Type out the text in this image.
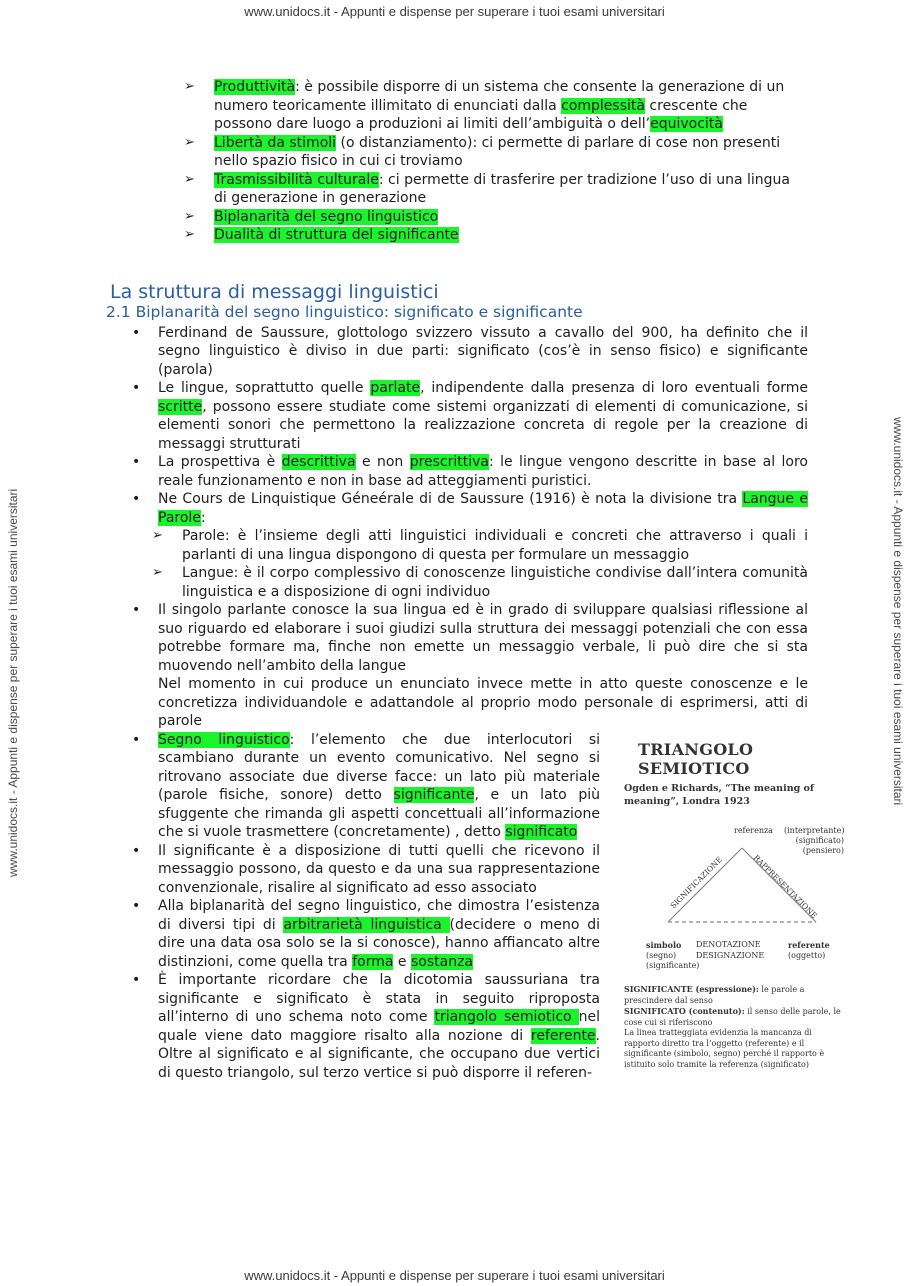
www.unidocs.it - Appunti e dispense per superare i tuoi esami universitari
www.unidocs.it - Appunti e dispense per superare i tuoi esami universitari	www.unidocs.it - Appunti e dispense per superare i tuoi esami universitari
➢ Produttività: è possibile disporre di un sistema che consente la generazione di un numero teoricamente illimitato di enunciati dalla complessità crescente che possono dare luogo a produzioni ai limiti dell’ambiguità o dell’equivocità
➢ Libertà da stimoli (o distanziamento): ci permette di parlare di cose non presenti nello spazio fisico in cui ci troviamo
➢ Trasmissibilità culturale: ci permette di trasferire per tradizione l’uso di una lingua di generazione in generazione
➢ Biplanarità del segno linguistico
➢ Dualità di struttura del significante
La struttura di messaggi linguistici
2.1 Biplanarità del segno linguistico: significato e significante
• Ferdinand de Saussure, glottologo svizzero vissuto a cavallo del 900, ha definito che il segno linguistico è diviso in due parti: significato (cos’è in senso fisico) e significante (parola)
• Le lingue, soprattutto quelle parlate, indipendente dalla presenza di loro eventuali forme scritte, possono essere studiate come sistemi organizzati di elementi di comunicazione, si elementi sonori che permettono la realizzazione concreta di regole per la creazione di messaggi strutturati
• La prospettiva è descrittiva e non prescrittiva: le lingue vengono descritte in base al loro reale funzionamento e non in base ad atteggiamenti puristici.
• Ne Cours de Linquistique Géneérale di de Saussure (1916) è nota la divisione tra Langue e Parole:
➢ Parole: è l’insieme degli atti linguistici individuali e concreti che attraverso i quali i parlanti di una lingua dispongono di questa per formulare un messaggio
➢ Langue: è il corpo complessivo di conoscenze linguistiche condivise dall’intera comunità linguistica e a disposizione di ogni individuo
• Il singolo parlante conosce la sua lingua ed è in grado di sviluppare qualsiasi riflessione al suo riguardo ed elaborare i suoi giudizi sulla struttura dei messaggi potenziali che con essa potrebbe formare ma, finche non emette un messaggio verbale, li può dire che si sta muovendo nell’ambito della langue
Nel momento in cui produce un enunciato invece mette in atto queste conoscenze e le concretizza individuandole e adattandole al proprio modo personale di esprimersi, atti di parole
• Segno linguistico: l’elemento che due interlocutori si scambiano durante un evento comunicativo. Nel segno si ritrovano associate due diverse facce: un lato più materiale (parole fisiche, sonore) detto significante, e un lato più sfuggente che rimanda gli aspetti concettuali all’informazione che si vuole trasmettere (concretamente) , detto significato
• Il significante è a disposizione di tutti quelli che ricevono il messaggio possono, da questo e da una sua rappresentazione convenzionale, risalire al significato ad esso associato
• Alla biplanarità del segno linguistico, che dimostra l’esistenza di diversi tipi di arbitrarietà linguistica (decidere o meno di dire una data osa solo se la si conosce), hanno affiancato altre distinzioni, come quella tra forma e sostanza
• È importante ricordare che la dicotomia saussuriana tra significante e significato è stata in seguito riproposta all’interno di uno schema noto come triangolo semiotico nel quale viene dato maggiore risalto alla nozione di referente. Oltre al significato e al significante, che occupano due vertici di questo triangolo, sul terzo vertice si può disporre il referen-
TRIANGOLO SEMIOTICO
Ogden e Richards, “The meaning of meaning”, Londra 1923
referenza (interpretante) (significato) (pensiero)
SIGNIFICAZIONE	RAPPRESENTAZIONE
simbolo
(segno) (significante)
DENOTAZIONE
DESIGNAZIONE
referente
(oggetto)
SIGNIFICANTE (espressione): le parole a prescindere dal senso
SIGNIFICATO (contenuto): il senso delle parole, le cose cui si riferiscono
La linea tratteggiata evidenzia la mancanza di rapporto diretto tra l’oggetto (referente) e il significante (simbolo, segno) perché il rapporto è istituito solo tramite la referenza (significato)
www.unidocs.it - Appunti e dispense per superare i tuoi esami universitari
